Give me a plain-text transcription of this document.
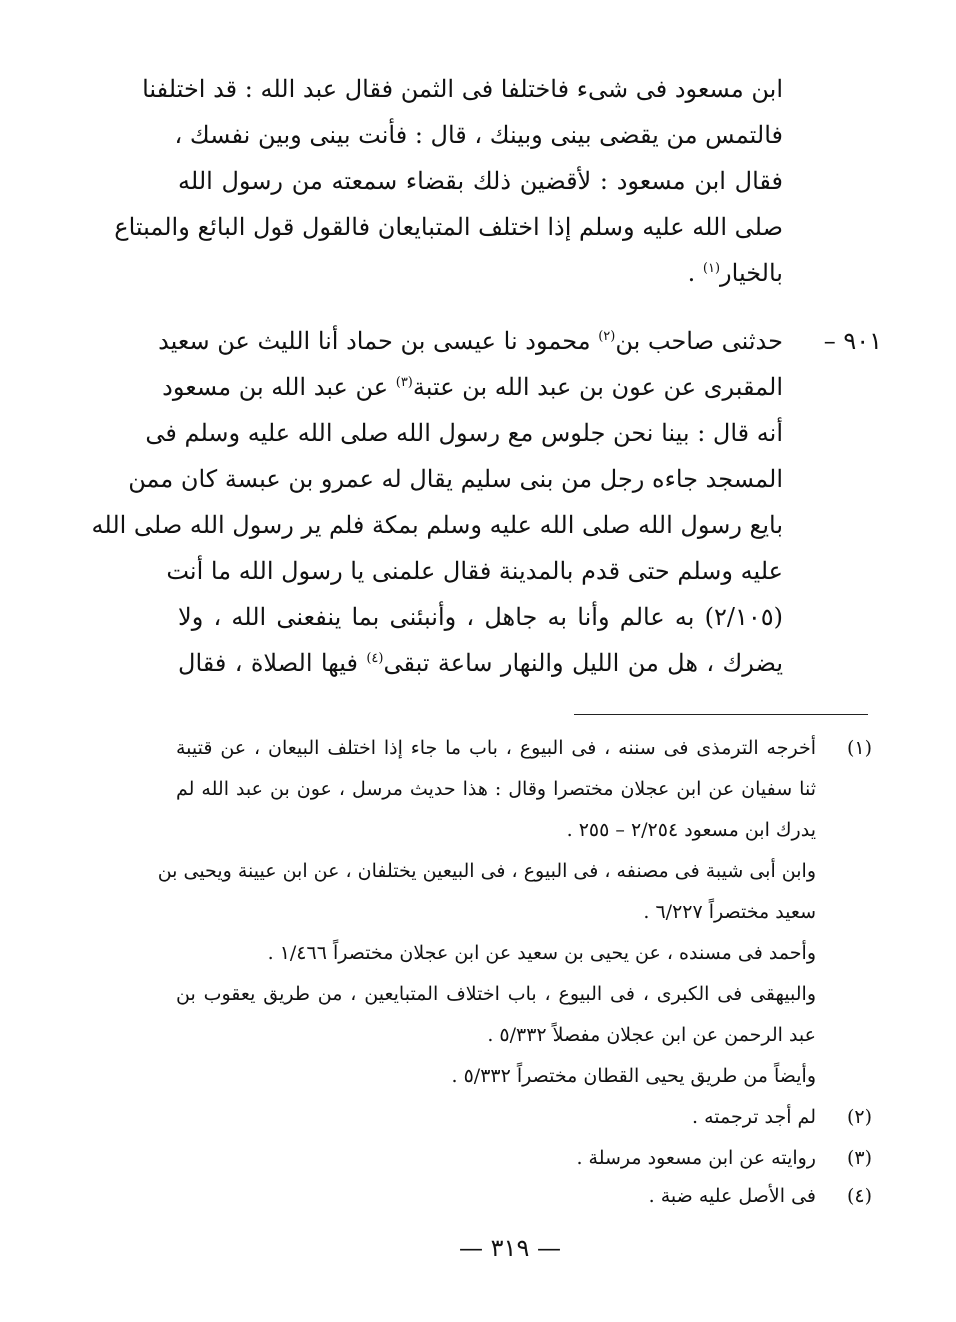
ابن مسعود فى شىء فاختلفا فى الثمن فقال عبد الله : قد اختلفنا
فالتمس من يقضى بينى وبينك ، قال : فأنت بينى وبين نفسك ،
فقال ابن مسعود : لأقضين ذلك بقضاء سمعته من رسول الله
صلى الله عليه وسلم إذا اختلف المتبايعان فالقول قول البائع والمبتاع
بالخيار$^{(١)}$ .
٩٠١ –
حدثنى صاحب بن$^{(٢)}$ محمود نا عيسى بن حماد أنا الليث عن سعيد
المقبرى عن عون بن عبد الله بن عتبة$^{(٣)}$ عن عبد الله بن مسعود
أنه قال : بينا نحن جلوس مع رسول الله صلى الله عليه وسلم فى
المسجد جاءه رجل من بنى سليم يقال له عمرو بن عبسة كان ممن
بايع رسول الله صلى الله عليه وسلم بمكة فلم ير رسول الله صلى الله
عليه وسلم حتى قدم بالمدينة فقال علمنى يا رسول الله ما أنت
(٢/١٠٥) به عالم وأنا به جاهل ، وأنبئنى بما ينفعنى الله ، ولا
يضرك ، هل من الليل والنهار ساعة تبقى$^{(٤)}$ فيها الصلاة ، فقال
(١)
أخرجه الترمذى فى سننه ، فى البيوع ، باب ما جاء إذا اختلف البيعان ، عن قتيبة
ثنا سفيان عن ابن عجلان مختصرا وقال : هذا حديث مرسل ، عون بن عبد الله لم
يدرك ابن مسعود ٢/٢٥٤ – ٢٥٥ .
وابن أبى شيبة فى مصنفه ، فى البيوع ، فى البيعين يختلفان ، عن ابن عيينة ويحيى بن
سعيد مختصراً ٦/٢٢٧ .
وأحمد فى مسنده ، عن يحيى بن سعيد عن ابن عجلان مختصراً ١/٤٦٦ .
والبيهقى فى الكبرى ، فى البيوع ، باب اختلاف المتبايعين ، من طريق يعقوب بن
عبد الرحمن عن ابن عجلان مفصلاً ٥/٣٣٢ .
وأيضاً من طريق يحيى القطان مختصراً ٥/٣٣٢ .
(٢)
لم أجد ترجمته .
(٣)
روايته عن ابن مسعود مرسلة .
(٤)
فى الأصل عليه ضبة .
— ٣١٩ —
